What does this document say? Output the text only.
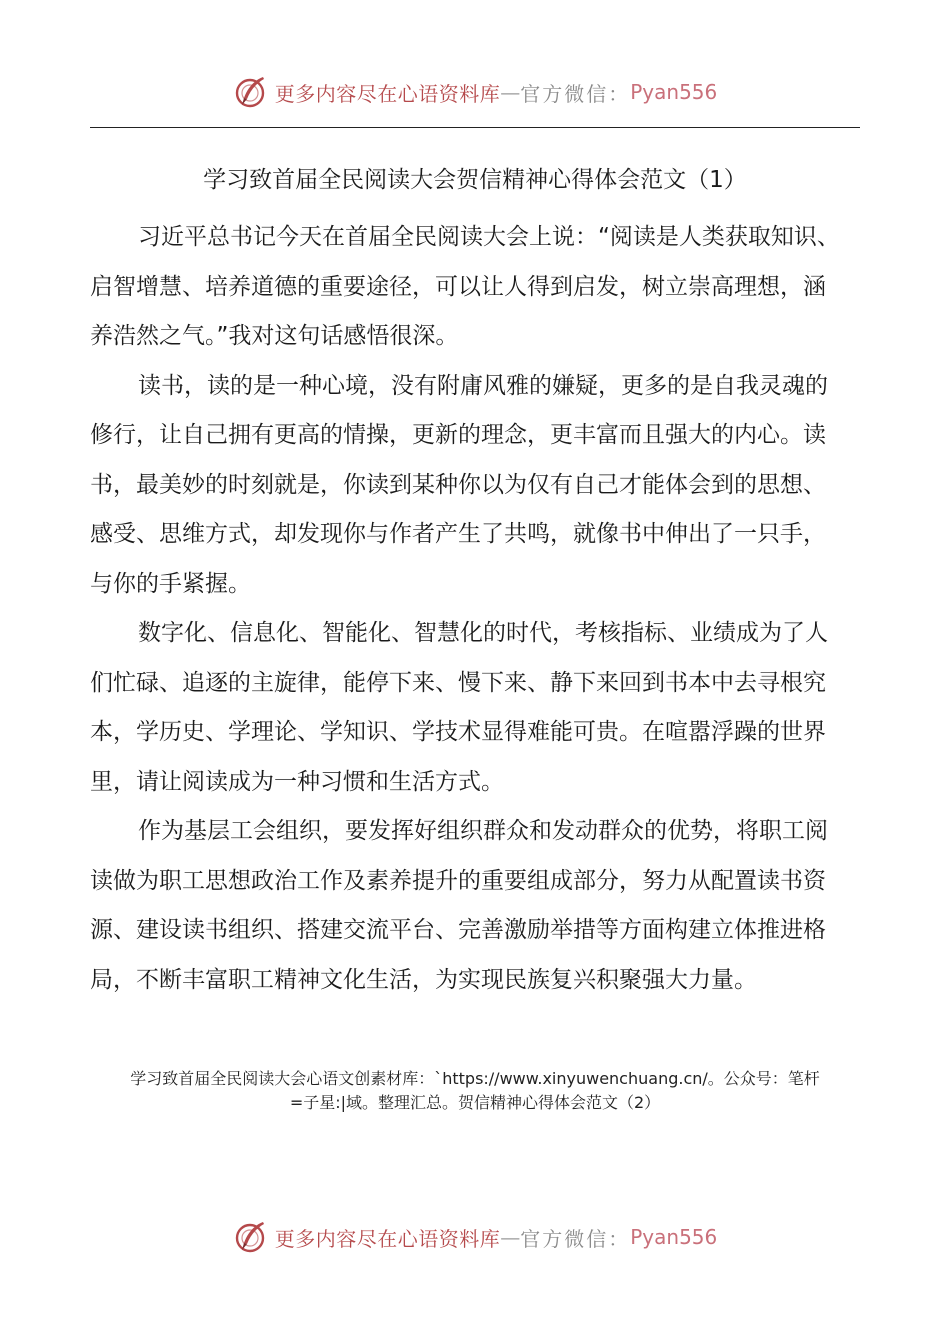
更多内容尽在心语资料库 — 官方微信： Pyan556
学习致首届全民阅读大会贺信精神心得体会范文（1）

习近平总书记今天在首届全民阅读大会上说：“阅读是人类获取知识、
启智增慧、培养道德的重要途径，可以让人得到启发，树立崇高理想，涵
养浩然之气。”我对这句话感悟很深。

读书，读的是一种心境，没有附庸风雅的嫌疑，更多的是自我灵魂的
修行，让自己拥有更高的情操，更新的理念，更丰富而且强大的内心。读
书，最美妙的时刻就是，你读到某种你以为仅有自己才能体会到的思想、
感受、思维方式，却发现你与作者产生了共鸣，就像书中伸出了一只手，
与你的手紧握。

数字化、信息化、智能化、智慧化的时代，考核指标、业绩成为了人
们忙碌、追逐的主旋律，能停下来、慢下来、静下来回到书本中去寻根究
本，学历史、学理论、学知识、学技术显得难能可贵。在喧嚣浮躁的世界
里，请让阅读成为一种习惯和生活方式。

作为基层工会组织，要发挥好组织群众和发动群众的优势，将职工阅
读做为职工思想政治工作及素养提升的重要组成部分，努力从配置读书资
源、建设读书组织、搭建交流平台、完善激励举措等方面构建立体推进格
局，不断丰富职工精神文化生活，为实现民族复兴积聚强大力量。

学习致首届全民阅读大会心语文创素材库：`https://www.xinyuwenchuang.cn/。公众号：笔杆
=子星:|域。整理汇总。贺信精神心得体会范文（2）
更多内容尽在心语资料库 — 官方微信： Pyan556
